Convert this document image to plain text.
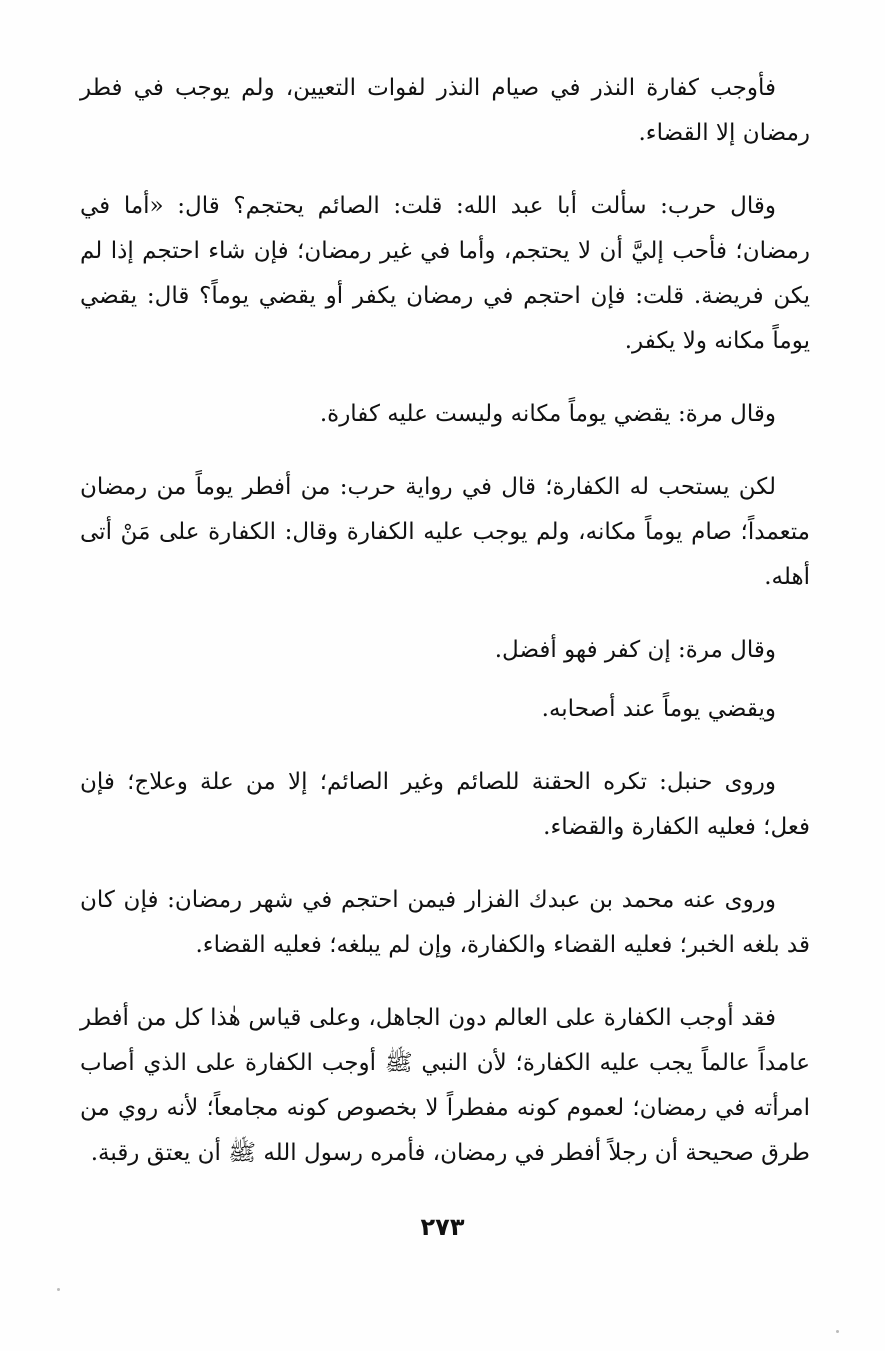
فأوجب كفارة النذر في صيام النذر لفوات التعيين، ولم يوجب في فطر رمضان إلا القضاء.

وقال حرب: سألت أبا عبد الله: قلت: الصائم يحتجم؟ قال: «أما في رمضان؛ فأحب إليَّ أن لا يحتجم، وأما في غير رمضان؛ فإن شاء احتجم إذا لم يكن فريضة. قلت: فإن احتجم في رمضان يكفر أو يقضي يوماً؟ قال: يقضي يوماً مكانه ولا يكفر.

وقال مرة: يقضي يوماً مكانه وليست عليه كفارة.

لكن يستحب له الكفارة؛ قال في رواية حرب: من أفطر يوماً من رمضان متعمداً؛ صام يوماً مكانه، ولم يوجب عليه الكفارة وقال: الكفارة على مَنْ أتى أهله.

وقال مرة: إن كفر فهو أفضل.

ويقضي يوماً عند أصحابه.

وروى حنبل: تكره الحقنة للصائم وغير الصائم؛ إلا من علة وعلاج؛ فإن فعل؛ فعليه الكفارة والقضاء.

وروى عنه محمد بن عبدك الفزار فيمن احتجم في شهر رمضان: فإن كان قد بلغه الخبر؛ فعليه القضاء والكفارة، وإن لم يبلغه؛ فعليه القضاء.

فقد أوجب الكفارة على العالم دون الجاهل، وعلى قياس هٰذا كل من أفطر عامداً عالماً يجب عليه الكفارة؛ لأن النبي ﷺ أوجب الكفارة على الذي أصاب امرأته في رمضان؛ لعموم كونه مفطراً لا بخصوص كونه مجامعاً؛ لأنه روي من طرق صحيحة أن رجلاً أفطر في رمضان، فأمره رسول الله ﷺ أن يعتق رقبة.

٢٧٣
